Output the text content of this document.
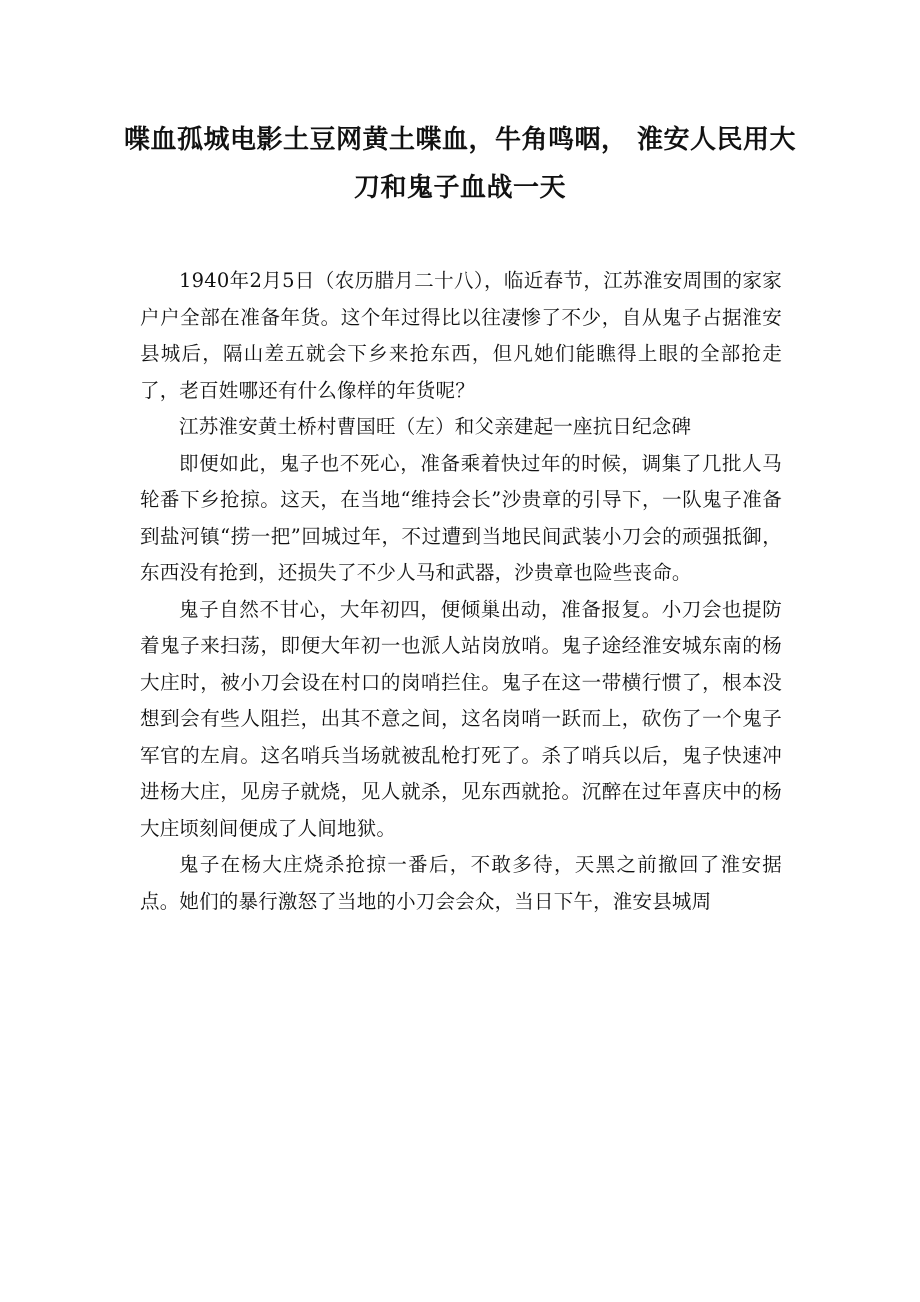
喋血孤城电影土豆网黄土喋血，牛角鸣咽， 淮安人民用大刀和鬼子血战一天

1940年2月5日（农历腊月二十八），临近春节，江苏淮安周围的家家户户全部在准备年货。这个年过得比以往凄惨了不少，自从鬼子占据淮安县城后，隔山差五就会下乡来抢东西，但凡她们能瞧得上眼的全部抢走了，老百姓哪还有什么像样的年货呢？

江苏淮安黄土桥村曹国旺（左）和父亲建起一座抗日纪念碑

即便如此，鬼子也不死心，准备乘着快过年的时候，调集了几批人马轮番下乡抢掠。这天，在当地“维持会长”沙贵章的引导下，一队鬼子准备到盐河镇“捞一把”回城过年，不过遭到当地民间武装小刀会的顽强抵御，东西没有抢到，还损失了不少人马和武器，沙贵章也险些丧命。

鬼子自然不甘心，大年初四，便倾巢出动，准备报复。小刀会也提防着鬼子来扫荡，即便大年初一也派人站岗放哨。鬼子途经淮安城东南的杨大庄时，被小刀会设在村口的岗哨拦住。鬼子在这一带横行惯了，根本没想到会有些人阻拦，出其不意之间，这名岗哨一跃而上，砍伤了一个鬼子军官的左肩。这名哨兵当场就被乱枪打死了。杀了哨兵以后，鬼子快速冲进杨大庄，见房子就烧，见人就杀，见东西就抢。沉醉在过年喜庆中的杨大庄顷刻间便成了人间地狱。

鬼子在杨大庄烧杀抢掠一番后，不敢多待，天黑之前撤回了淮安据点。她们的暴行激怒了当地的小刀会会众，当日下午，淮安县城周
